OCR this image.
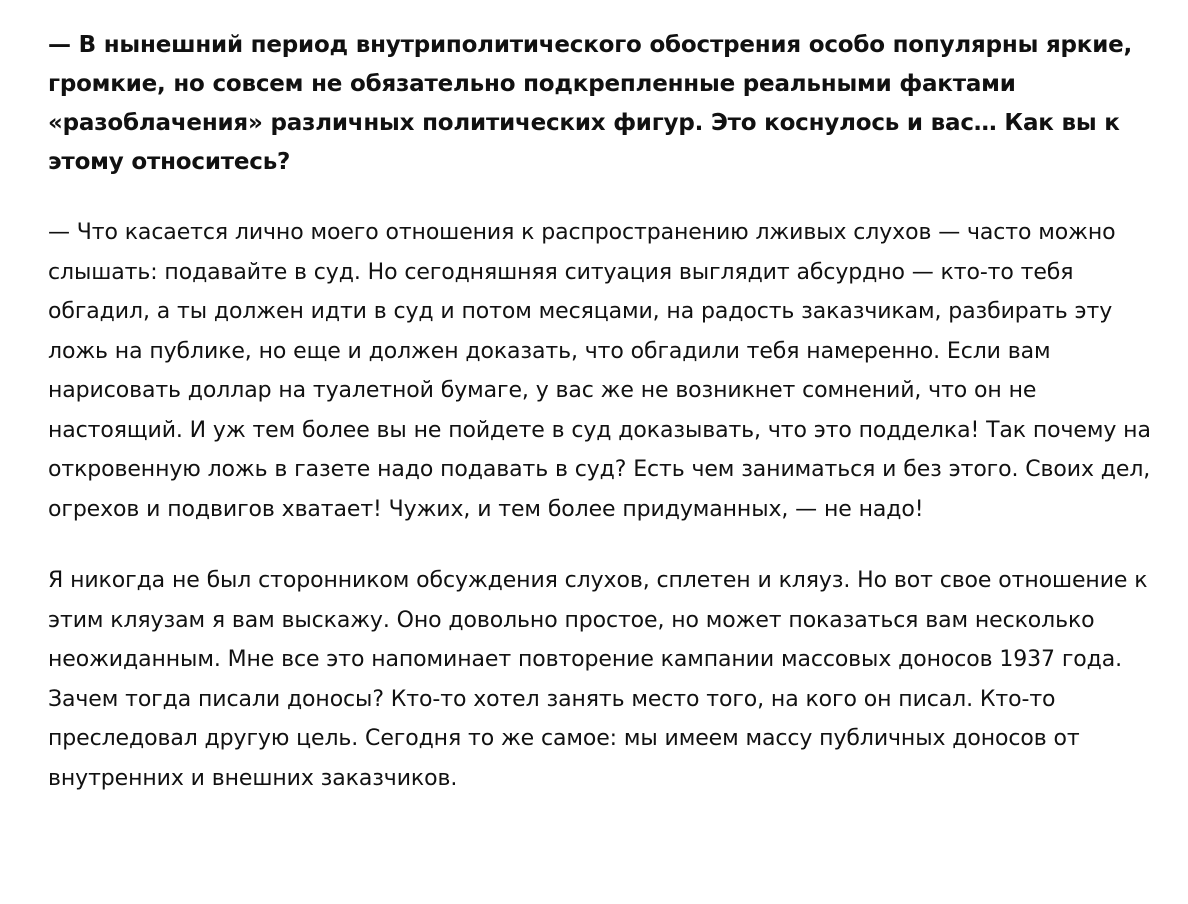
— В нынешний период внутриполитического обострения особо популярны яркие, громкие, но совсем не обязательно подкрепленные реальными фактами «разоблачения» различных политических фигур. Это коснулось и вас… Как вы к этому относитесь?

— Что касается лично моего отношения к распространению лживых слухов — часто можно слышать: подавайте в суд. Но сегодняшняя ситуация выглядит абсурдно — кто-то тебя обгадил, а ты должен идти в суд и потом месяцами, на радость заказчикам, разбирать эту ложь на публике, но еще и должен доказать, что обгадили тебя намеренно. Если вам нарисовать доллар на туалетной бумаге, у вас же не возникнет сомнений, что он не настоящий. И уж тем более вы не пойдете в суд доказывать, что это подделка! Так почему на откровенную ложь в газете надо подавать в суд? Есть чем заниматься и без этого. Своих дел, огрехов и подвигов хватает! Чужих, и тем более придуманных, — не надо!

Я никогда не был сторонником обсуждения слухов, сплетен и кляуз. Но вот свое отношение к этим кляузам я вам выскажу. Оно довольно простое, но может показаться вам несколько неожиданным. Мне все это напоминает повторение кампании массовых доносов 1937 года. Зачем тогда писали доносы? Кто-то хотел занять место того, на кого он писал. Кто-то преследовал другую цель. Сегодня то же самое: мы имеем массу публичных доносов от внутренних и внешних заказчиков.
